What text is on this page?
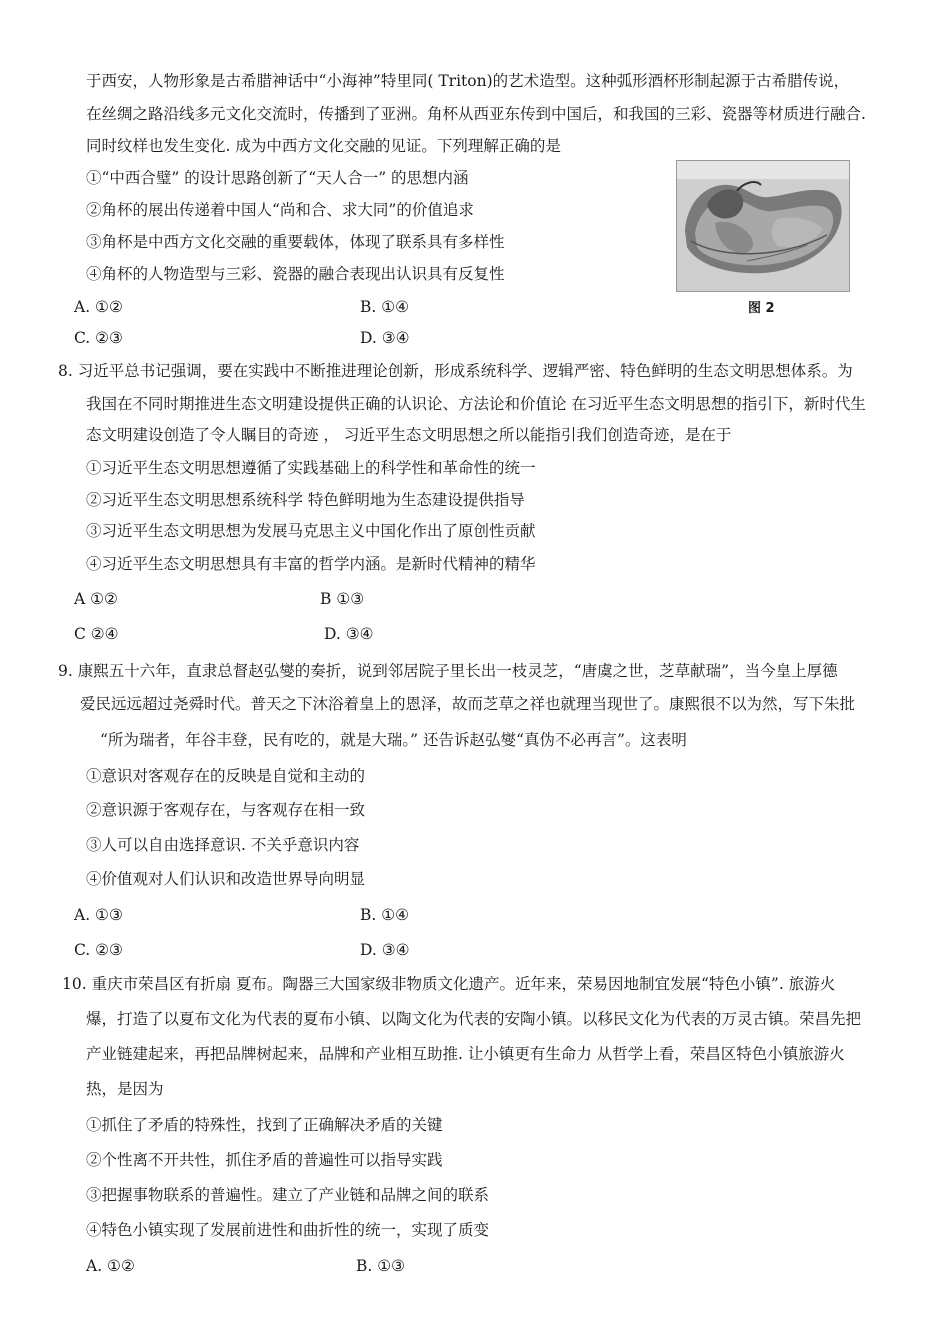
于西安，人物形象是古希腊神话中“小海神”特里同( Triton)的艺术造型。这种弧形酒杯形制起源于古希腊传说，
在丝绸之路沿线多元文化交流时，传播到了亚洲。角杯从西亚东传到中国后，和我国的三彩、瓷器等材质进行融合.
同时纹样也发生变化. 成为中西方文化交融的见证。下列理解正确的是
①“中西合璧” 的设计思路创新了“天人合一” 的思想内涵
②角杯的展出传递着中国人“尚和合、求大同”的价值追求
③角杯是中西方文化交融的重要载体，体现了联系具有多样性
④角杯的人物造型与三彩、瓷器的融合表现出认识具有反复性
A. ①②	B. ①④
C. ②③	D. ③④
图 2
8. 习近平总书记强调，要在实践中不断推进理论创新，形成系统科学、逻辑严密、特色鲜明的生态文明思想体系。为
我国在不同时期推进生态文明建设提供正确的认识论、方法论和价值论 在习近平生态文明思想的指引下，新时代生
态文明建设创造了令人瞩目的奇迹 ， 习近平生态文明思想之所以能指引我们创造奇迹，是在于
①习近平生态文明思想遵循了实践基础上的科学性和革命性的统一
②习近平生态文明思想系统科学 特色鲜明地为生态建设提供指导
③习近平生态文明思想为发展马克思主义中国化作出了原创性贡献
④习近平生态文明思想具有丰富的哲学内涵。是新时代精神的精华
A ①②	B ①③
C ②④	D. ③④
9. 康熙五十六年，直隶总督赵弘燮的奏折，说到邻居院子里长出一枝灵芝，“唐虞之世，芝草献瑞”，当今皇上厚德
爱民远远超过尧舜时代。普天之下沐浴着皇上的恩泽，故而芝草之祥也就理当现世了。康熙很不以为然，写下朱批
“所为瑞者，年谷丰登，民有吃的，就是大瑞。” 还告诉赵弘燮“真伪不必再言”。这表明
①意识对客观存在的反映是自觉和主动的
②意识源于客观存在，与客观存在相一致
③人可以自由选择意识. 不关乎意识内容
④价值观对人们认识和改造世界导向明显
A. ①③	B. ①④
C. ②③	D. ③④
10. 重庆市荣昌区有折扇 夏布。陶器三大国家级非物质文化遗产。近年来，荣易因地制宜发展“特色小镇”. 旅游火
爆，打造了以夏布文化为代表的夏布小镇、以陶文化为代表的安陶小镇。以移民文化为代表的万灵古镇。荣昌先把
产业链建起来，再把品牌树起来，品牌和产业相互助推. 让小镇更有生命力 从哲学上看，荣昌区特色小镇旅游火
热，是因为
①抓住了矛盾的特殊性，找到了正确解决矛盾的关键
②个性离不开共性，抓住矛盾的普遍性可以指导实践
③把握事物联系的普遍性。建立了产业链和品牌之间的联系
④特色小镇实现了发展前进性和曲折性的统一，实现了质变
A. ①②	B. ①③
